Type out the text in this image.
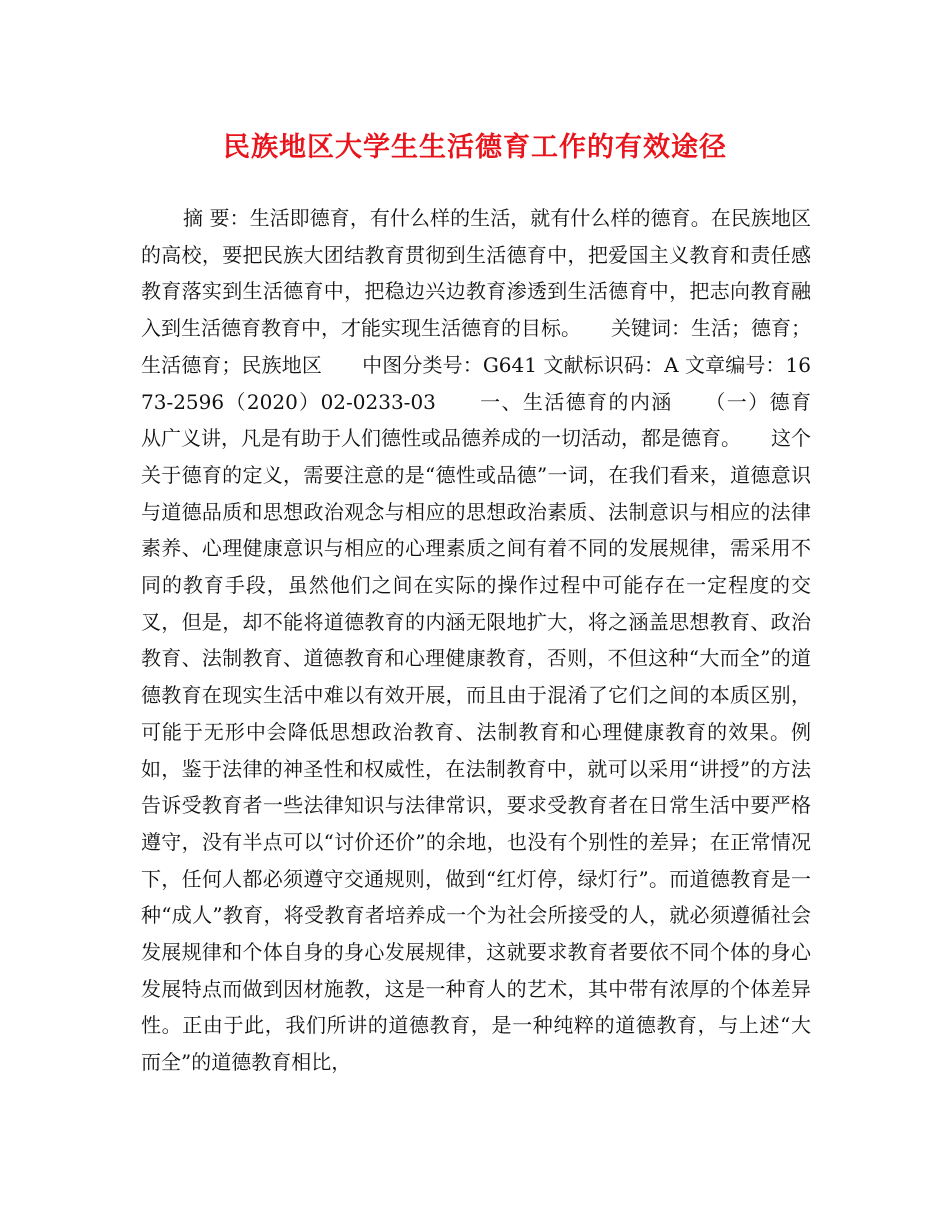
民族地区大学生生活德育工作的有效途径

摘 要：生活即德育，有什么样的生活，就有什么样的德育。在民族地区的高校，要把民族大团结教育贯彻到生活德育中，把爱国主义教育和责任感教育落实到生活德育中，把稳边兴边教育渗透到生活德育中，把志向教育融入到生活德育教育中，才能实现生活德育的目标。　　关键词：生活；德育；生活德育；民族地区　　中图分类号：G641 文献标识码：A 文章编号：1673-2596（2020）02-0233-03　　一、生活德育的内涵　　（一）德育　　从广义讲，凡是有助于人们德性或品德养成的一切活动，都是德育。　　这个关于德育的定义，需要注意的是“德性或品德”一词，在我们看来，道德意识与道德品质和思想政治观念与相应的思想政治素质、法制意识与相应的法律素养、心理健康意识与相应的心理素质之间有着不同的发展规律，需采用不同的教育手段，虽然他们之间在实际的操作过程中可能存在一定程度的交叉，但是，却不能将道德教育的内涵无限地扩大，将之涵盖思想教育、政治教育、法制教育、道德教育和心理健康教育，否则，不但这种“大而全”的道德教育在现实生活中难以有效开展，而且由于混淆了它们之间的本质区别，可能于无形中会降低思想政治教育、法制教育和心理健康教育的效果。例如，鉴于法律的神圣性和权威性，在法制教育中，就可以采用“讲授”的方法告诉受教育者一些法律知识与法律常识，要求受教育者在日常生活中要严格遵守，没有半点可以“讨价还价”的余地，也没有个别性的差异；在正常情况下，任何人都必须遵守交通规则，做到“红灯停，绿灯行”。而道德教育是一种“成人”教育，将受教育者培养成一个为社会所接受的人，就必须遵循社会发展规律和个体自身的身心发展规律，这就要求教育者要依不同个体的身心发展特点而做到因材施教，这是一种育人的艺术，其中带有浓厚的个体差异性。正由于此，我们所讲的道德教育，是一种纯粹的道德教育，与上述“大而全”的道德教育相比，
